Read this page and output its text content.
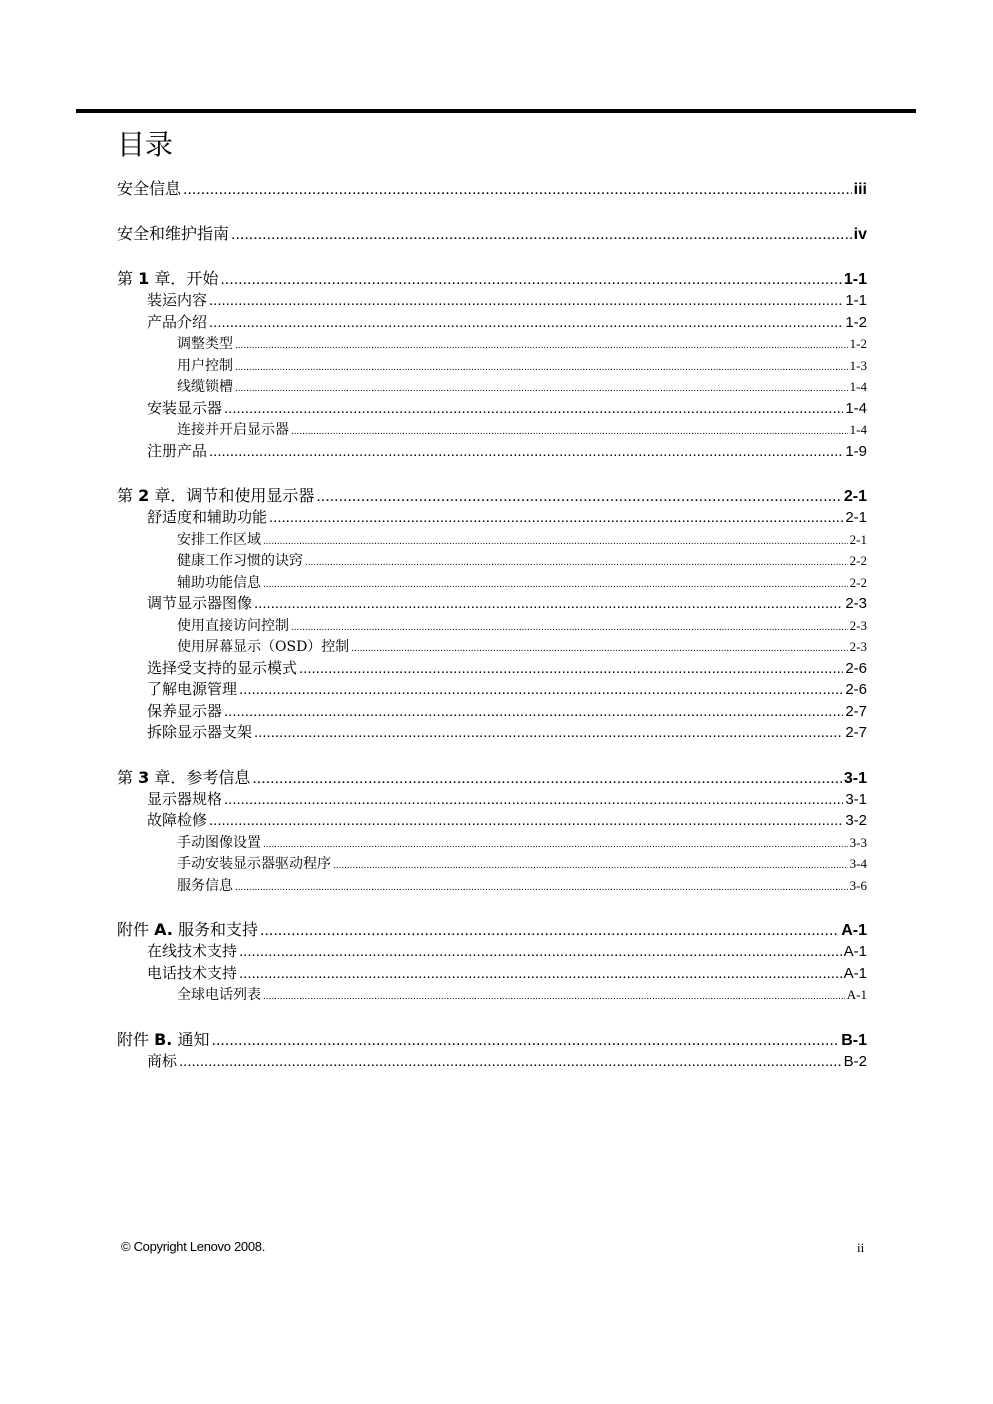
目录
安全信息 .....	iii
安全和维护指南 .....	iv
第 1 章．开始 .....	1-1
装运内容 .....	1-1
产品介绍 .....	1-2
调整类型 .....	1-2
用户控制 .....	1-3
线缆锁槽 .....	1-4
安装显示器 .....	1-4
连接并开启显示器 .....	1-4
注册产品 .....	1-9
第 2 章．调节和使用显示器 .....	2-1
舒适度和辅助功能 .....	2-1
安排工作区域 .....	2-1
健康工作习惯的诀窍 .....	2-2
辅助功能信息 .....	2-2
调节显示器图像 .....	2-3
使用直接访问控制 .....	2-3
使用屏幕显示（OSD）控制 .....	2-3
选择受支持的显示模式 .....	2-6
了解电源管理 .....	2-6
保养显示器 .....	2-7
拆除显示器支架 .....	2-7
第 3 章．参考信息 .....	3-1
显示器规格 .....	3-1
故障检修 .....	3-2
手动图像设置 .....	3-3
手动安装显示器驱动程序 .....	3-4
服务信息 .....	3-6
附件 A. 服务和支持 .....	A-1
在线技术支持 .....	A-1
电话技术支持 .....	A-1
全球电话列表 .....	A-1
附件 B. 通知 .....	B-1
商标 .....	B-2
© Copyright Lenovo 2008.	ii
